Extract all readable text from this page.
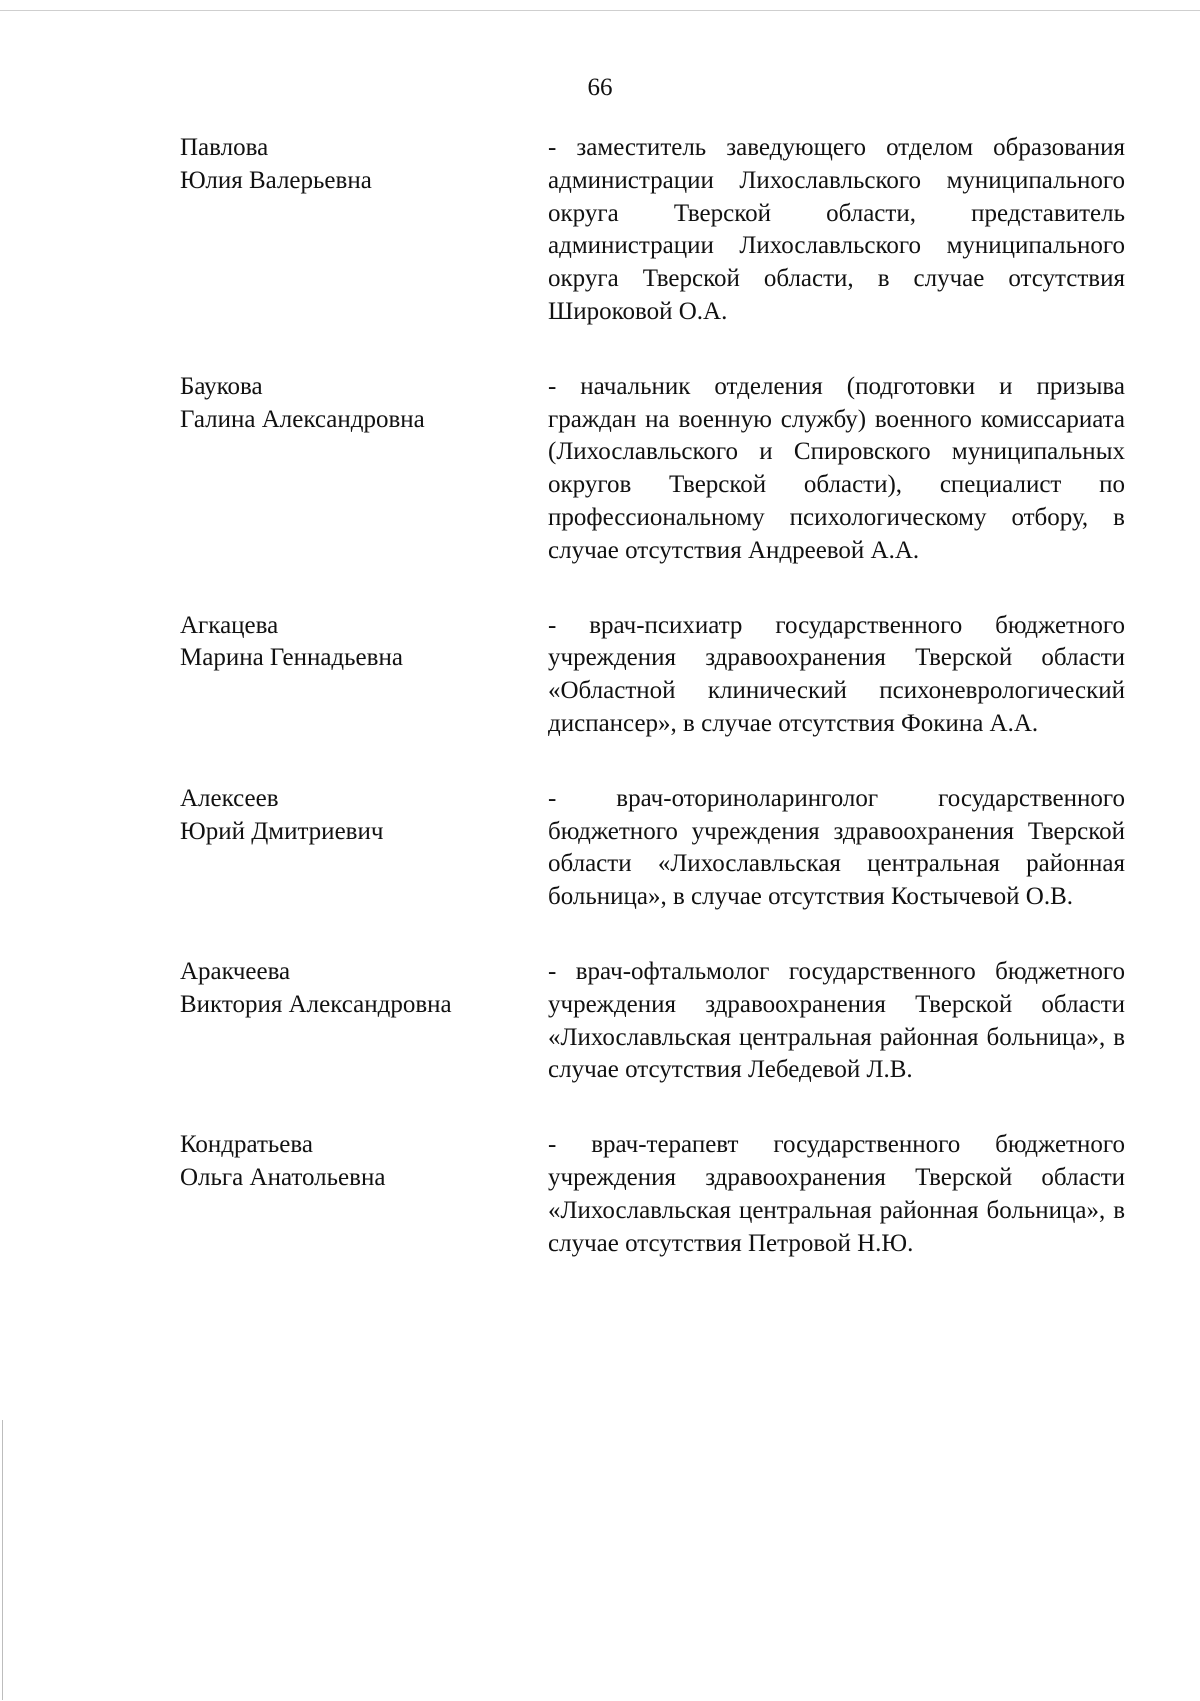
66
Павлова
Юлия Валерьевна
- заместитель заведующего отделом образования администрации Лихославльского муниципального округа Тверской области, представитель администрации Лихославльского муниципального округа Тверской области, в случае отсутствия Широковой О.А.
Баукова
Галина Александровна
- начальник отделения (подготовки и призыва граждан на военную службу) военного комиссариата (Лихославльского и Спировского муниципальных округов Тверской области), специалист по профессиональному психологическому отбору, в случае отсутствия Андреевой А.А.
Агкацева
Марина Геннадьевна
- врач-психиатр государственного бюджетного учреждения здравоохранения Тверской области «Областной клинический психоневрологический диспансер», в случае отсутствия Фокина А.А.
Алексеев
Юрий Дмитриевич
- врач-оториноларинголог государственного бюджетного учреждения здравоохранения Тверской области «Лихославльская центральная районная больница», в случае отсутствия Костычевой О.В.
Аракчеева
Виктория Александровна
- врач-офтальмолог государственного бюджетного учреждения здравоохранения Тверской области «Лихославльская центральная районная больница», в случае отсутствия Лебедевой Л.В.
Кондратьева
Ольга Анатольевна
- врач-терапевт государственного бюджетного учреждения здравоохранения Тверской области «Лихославльская центральная районная больница», в случае отсутствия Петровой Н.Ю.
